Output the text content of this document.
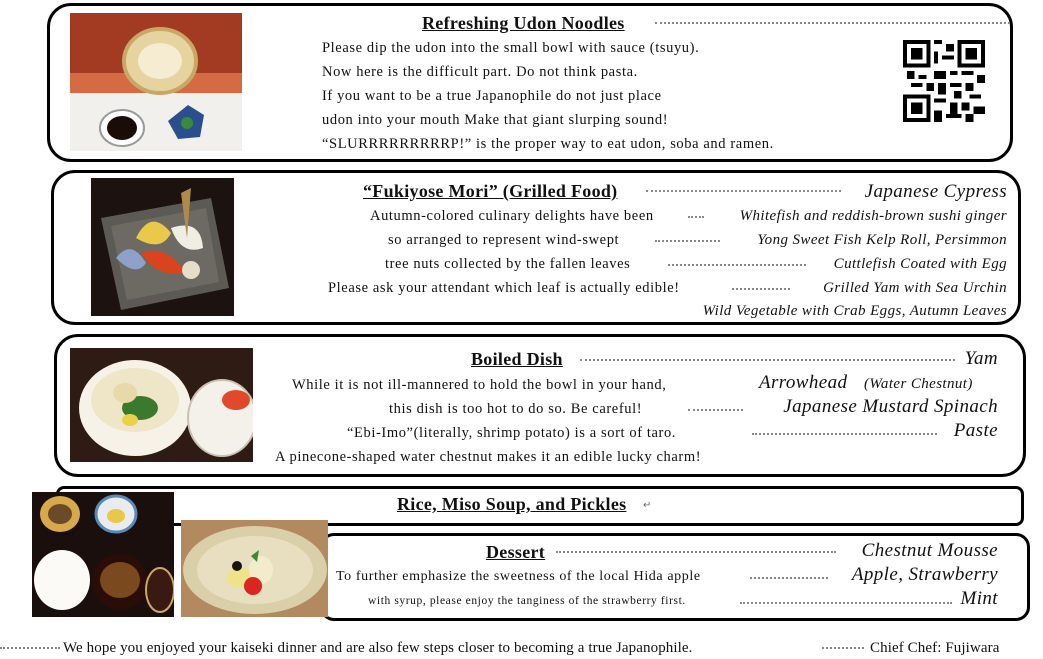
Refreshing Udon Noodles
Please dip the udon into the small bowl with sauce (tsuyu).
Now here is the difficult part. Do not think pasta.
If you want to be a true Japanophile do not just place
udon into your mouth Make that giant slurping sound!
“SLURRRRRRRRRP!” is the proper way to eat udon, soba and ramen.
“Fukiyose Mori” (Grilled Food)	Japanese Cypress
Autumn-colored culinary delights have been	Whitefish and reddish-brown sushi ginger
so arranged to represent wind-swept	Yong Sweet Fish Kelp Roll, Persimmon
tree nuts collected by the fallen leaves	Cuttlefish Coated with Egg
Please ask your attendant which leaf is actually edible!	Grilled Yam with Sea Urchin
Wild Vegetable with Crab Eggs, Autumn Leaves
Boiled Dish	Yam
While it is not ill-mannered to hold the bowl in your hand,	Arrowhead (Water Chestnut)
this dish is too hot to do so. Be careful!	Japanese Mustard Spinach
“Ebi-Imo”(literally, shrimp potato) is a sort of taro.	Paste
A pinecone-shaped water chestnut makes it an edible lucky charm!
Rice, Miso Soup, and Pickles ↵
Dessert	Chestnut Mousse
To further emphasize the sweetness of the local Hida apple	Apple, Strawberry
with syrup, please enjoy the tanginess of the strawberry first.	Mint
We hope you enjoyed your kaiseki dinner and are also few steps closer to becoming a true Japanophile.	Chief Chef: Fujiwara
